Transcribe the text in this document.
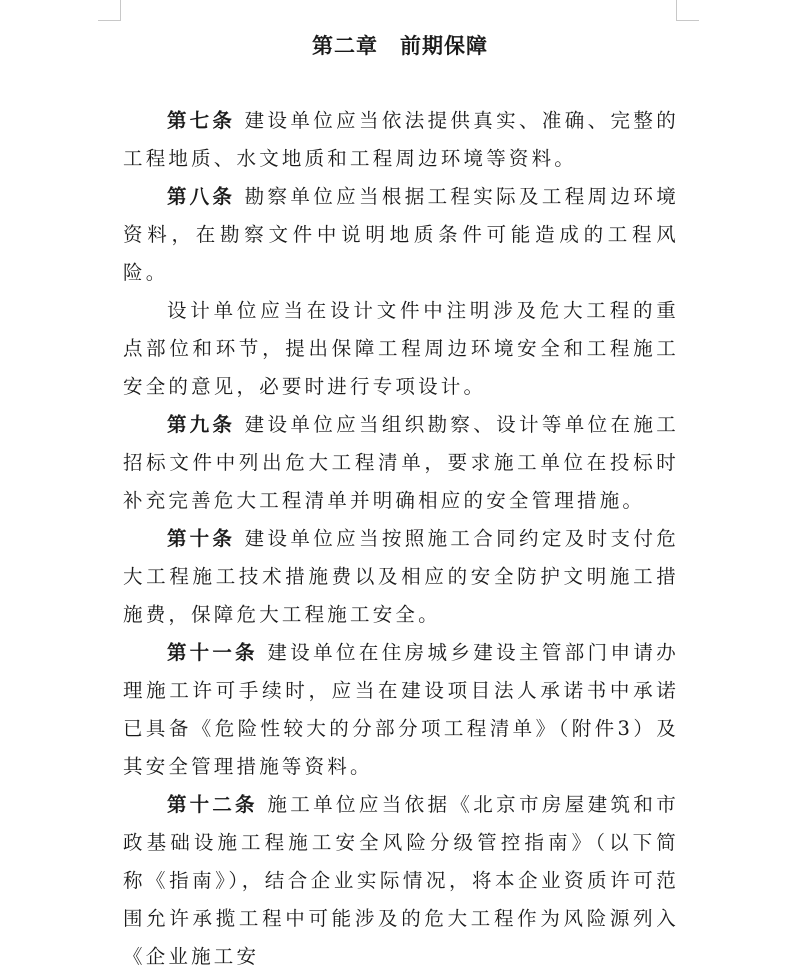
第二章　前期保障

第七条 建设单位应当依法提供真实、准确、完整的工程地质、水文地质和工程周边环境等资料。

第八条 勘察单位应当根据工程实际及工程周边环境资料，在勘察文件中说明地质条件可能造成的工程风险。

设计单位应当在设计文件中注明涉及危大工程的重点部位和环节，提出保障工程周边环境安全和工程施工安全的意见，必要时进行专项设计。

第九条 建设单位应当组织勘察、设计等单位在施工招标文件中列出危大工程清单，要求施工单位在投标时补充完善危大工程清单并明确相应的安全管理措施。

第十条 建设单位应当按照施工合同约定及时支付危大工程施工技术措施费以及相应的安全防护文明施工措施费，保障危大工程施工安全。

第十一条 建设单位在住房城乡建设主管部门申请办理施工许可手续时，应当在建设项目法人承诺书中承诺已具备《危险性较大的分部分项工程清单》（附件3）及其安全管理措施等资料。

第十二条 施工单位应当依据《北京市房屋建筑和市政基础设施工程施工安全风险分级管控指南》（以下简称《指南》），结合企业实际情况，将本企业资质许可范围允许承揽工程中可能涉及的危大工程作为风险源列入《企业施工安
